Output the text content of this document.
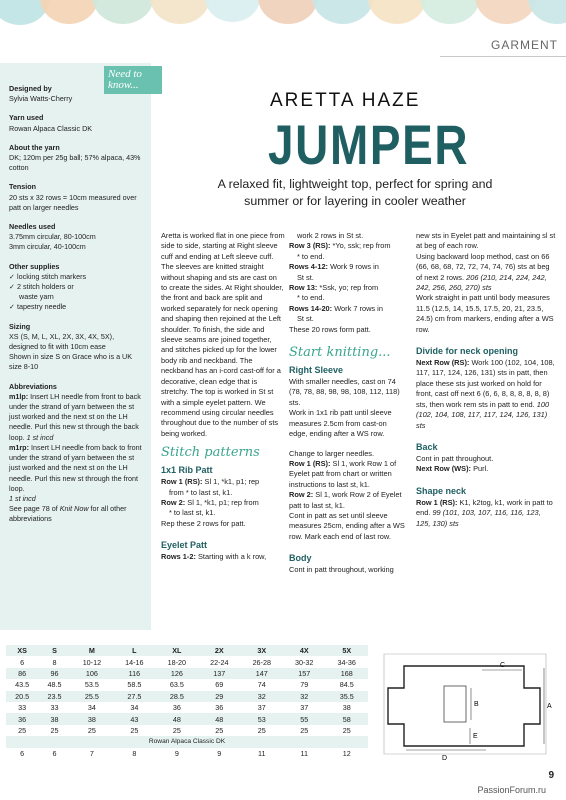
GARMENT
Need to know...
Designed by
Sylvia Watts-Cherry
Yarn used
Rowan Alpaca Classic DK
About the yarn
DK; 120m per 25g ball; 57% alpaca, 43% cotton
Tension
20 sts x 32 rows = 10cm measured over patt on larger needles
Needles used
3.75mm circular, 80-100cm
3mm circular, 40-100cm
Other supplies
✓ locking stitch markers
✓ 2 stitch holders or
waste yarn
✓ tapestry needle
Sizing
XS (S, M, L, XL, 2X, 3X, 4X, 5X), designed to fit with 10cm ease
Shown in size S on Grace who is a UK size 8-10
Abbreviations
m1lp: Insert LH needle from front to back under the strand of yarn between the st just worked and the next st on the LH needle. Purl this new st through the back loop. 1 st incd
m1rp: Insert LH needle from back to front under the strand of yarn between the st just worked and the next st on the LH needle. Purl this new st through the front loop.
1 st incd
See page 78 of Knit Now for all other abbreviations
ARETTA HAZE
JUMPER
A relaxed fit, lightweight top, perfect for spring and summer or for layering in cooler weather

Aretta is worked flat in one piece from side to side, starting at Right sleeve cuff and ending at Left sleeve cuff. The sleeves are knitted straight without shaping and sts are cast on to create the sides. At Right shoulder, the front and back are split and worked separately for neck opening and shaping then rejoined at the Left shoulder. To finish, the side and sleeve seams are joined together, and stitches picked up for the lower body rib and neckband. The neckband has an i-cord cast-off for a decorative, clean edge that is stretchy. The top is worked in St st with a simple eyelet pattern. We recommend using circular needles throughout due to the number of sts being worked.

Stitch patterns

1x1 Rib Patt

Row 1 (RS): Sl 1, *k1, p1; rep

from * to last st, k1.

Row 2: Sl 1, *k1, p1; rep from

* to last st, k1.

Rep these 2 rows for patt.

Eyelet Patt

Rows 1-2: Starting with a k row,

work 2 rows in St st.

Row 3 (RS): *Yo, ssk; rep from

* to end.

Rows 4-12: Work 9 rows in

St st.

Row 13: *Ssk, yo; rep from

* to end.

Rows 14-20: Work 7 rows in

St st.

These 20 rows form patt.

Start knitting...

Right Sleeve

With smaller needles, cast on 74 (78, 78, 88, 98, 98, 108, 112, 118) sts.

Work in 1x1 rib patt until sleeve measures 2.5cm from cast-on edge, ending after a WS row.

Change to larger needles.

Row 1 (RS): Sl 1, work Row 1 of Eyelet patt from chart or written instructions to last st, k1.

Row 2: Sl 1, work Row 2 of Eyelet patt to last st, k1.

Cont in patt as set until sleeve measures 25cm, ending after a WS row. Mark each end of last row.

Body

Cont in patt throughout, working

new sts in Eyelet patt and maintaining sl st at beg of each row.

Using backward loop method, cast on 66 (66, 68, 68, 72, 72, 74, 74, 76) sts at beg of next 2 rows. 206 (210, 214, 224, 242, 242, 256, 260, 270) sts

Work straight in patt until body measures 11.5 (12.5, 14, 15.5, 17.5, 20, 21, 23.5, 24.5) cm from markers, ending after a WS row.

Divide for neck opening

Next Row (RS): Work 100 (102, 104, 108, 117, 117, 124, 126, 131) sts in patt, then place these sts just worked on hold for front, cast off next 6 (6, 6, 8, 8, 8, 8, 8, 8) sts, then work rem sts in patt to end. 100 (102, 104, 108, 117, 117, 124, 126, 131) sts

Back

Cont in patt throughout.

Next Row (WS): Purl.

Shape neck

Row 1 (RS): K1, k2tog, k1, work in patt to end. 99 (101, 103, 107, 116, 116, 123, 125, 130) sts

XS	S	M	L	XL	2X	3X	4X	5X
6	8	10-12	14-16	18-20	22-24	26-28	30-32	34-36
86	96	106	116	126	137	147	157	168
43.5	48.5	53.5	58.5	63.5	69	74	79	84.5
20.5	23.5	25.5	27.5	28.5	29	32	32	35.5
33	33	34	34	36	36	37	37	38
36	38	38	43	48	48	53	55	58
25	25	25	25	25	25	25	25	25
Rowan Alpaca Classic DK								
6	6	7	8	9	9	11	11	12
C
A
B
D
E
9
PassionForum.ru
